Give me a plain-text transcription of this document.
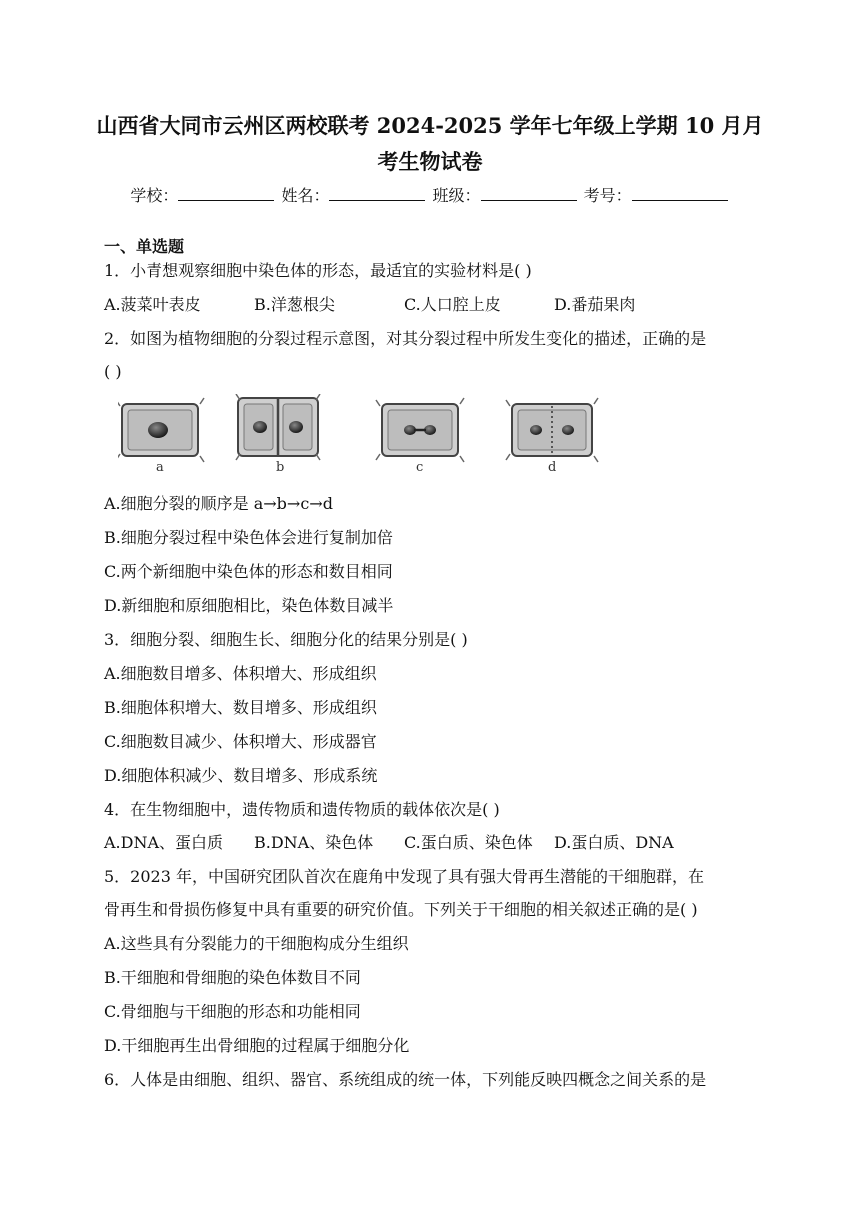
山西省大同市云州区两校联考 2024-2025 学年七年级上学期 10 月月
考生物试卷
学校：	姓名：	班级：	考号：
一、单选题
1．小青想观察细胞中染色体的形态，最适宜的实验材料是( )
A.菠菜叶表皮	B.洋葱根尖	C.人口腔上皮	D.番茄果肉
2．如图为植物细胞的分裂过程示意图，对其分裂过程中所发生变化的描述，正确的是
( )
a	b	c	d
A.细胞分裂的顺序是 a→b→c→d
B.细胞分裂过程中染色体会进行复制加倍
C.两个新细胞中染色体的形态和数目相同
D.新细胞和原细胞相比，染色体数目减半
3．细胞分裂、细胞生长、细胞分化的结果分别是( )
A.细胞数目增多、体积增大、形成组织
B.细胞体积增大、数目增多、形成组织
C.细胞数目减少、体积增大、形成器官
D.细胞体积减少、数目增多、形成系统
4．在生物细胞中，遗传物质和遗传物质的载体依次是( )
A.DNA、蛋白质 B.DNA、染色体 C.蛋白质、染色体 D.蛋白质、DNA
5．2023 年，中国研究团队首次在鹿角中发现了具有强大骨再生潜能的干细胞群，在
骨再生和骨损伤修复中具有重要的研究价值。下列关于干细胞的相关叙述正确的是( )
A.这些具有分裂能力的干细胞构成分生组织
B.干细胞和骨细胞的染色体数目不同
C.骨细胞与干细胞的形态和功能相同
D.干细胞再生出骨细胞的过程属于细胞分化
6．人体是由细胞、组织、器官、系统组成的统一体，下列能反映四概念之间关系的是
